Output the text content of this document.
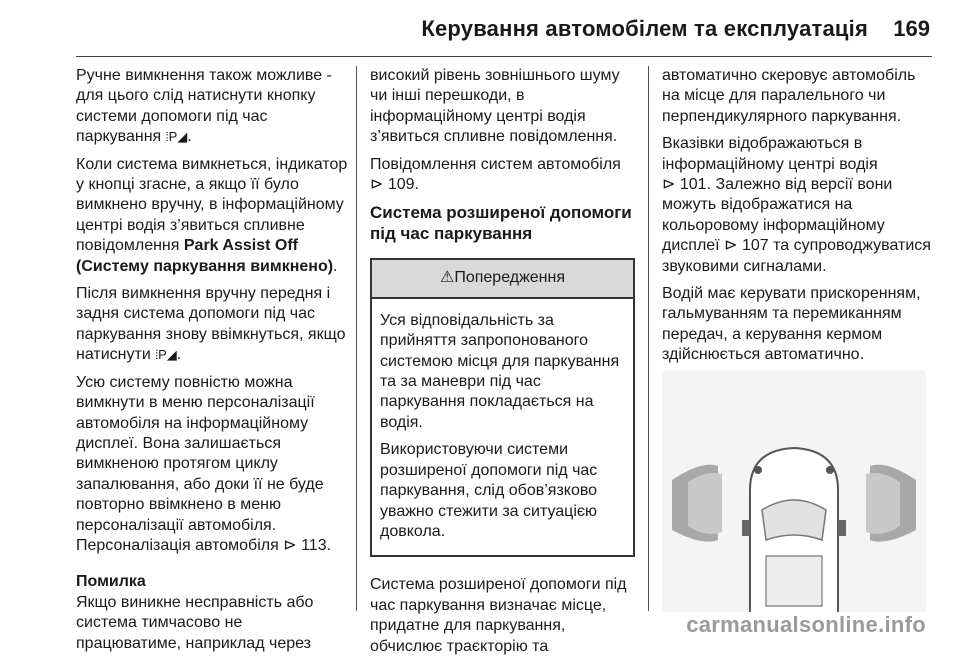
Керування автомобілем та експлуатація 169

Ручне вимкнення також можливе - для цього слід натиснути кнопку системи допомоги під час паркування ⦙P◢.

Коли система вимкнеться, індикатор у кнопці згасне, а якщо її було вимкнено вручну, в інформаційному центрі водія з’явиться спливне повідомлення Park Assist Off (Системy паркування вимкнено).

Після вимкнення вручну передня і задня система допомоги під час паркування знову ввімкнуться, якщо натиснути ⦙P◢.

Усю систему повністю можна вимкнути в меню персоналізації автомобіля на інформаційному дисплеї. Вона залишається вимкненою протягом циклу запалювання, або доки її не буде повторно ввімкнено в меню персоналізації автомобіля. Персоналізація автомобіля ⊳ 113.

Помилка

Якщо виникне несправність або система тимчасово не працюватиме, наприклад через

високий рівень зовнішнього шуму чи інші перешкоди, в інформаційному центрі водія з’явиться спливне повідомлення.

Повідомлення систем автомобіля
⊳ 109.

Система розширеної допомоги під час паркування
⚠Попередження

Уся відповідальність за прийняття запропонованого системою місця для паркування та за маневри під час паркування покладається на водія.

Використовуючи системи розширеної допомоги під час паркування, слід обов’язково уважно стежити за ситуацією довкола.

Система розширеної допомоги під час паркування визначає місце, придатне для паркування, обчислює траєкторію та

автоматично скеровує автомобіль на місце для паралельного чи перпендикулярного паркування.

Вказівки відображаються в інформаційному центрі водія
⊳ 101. Залежно від версії вони можуть відображатися на кольоровому інформаційному дисплеї ⊳ 107 та супроводжуватися звуковими сигналами.

Водій має керувати прискоренням, гальмуванням та перемиканням передач, а керування кермом здійснюється автоматично.

carmanualsonline.info
